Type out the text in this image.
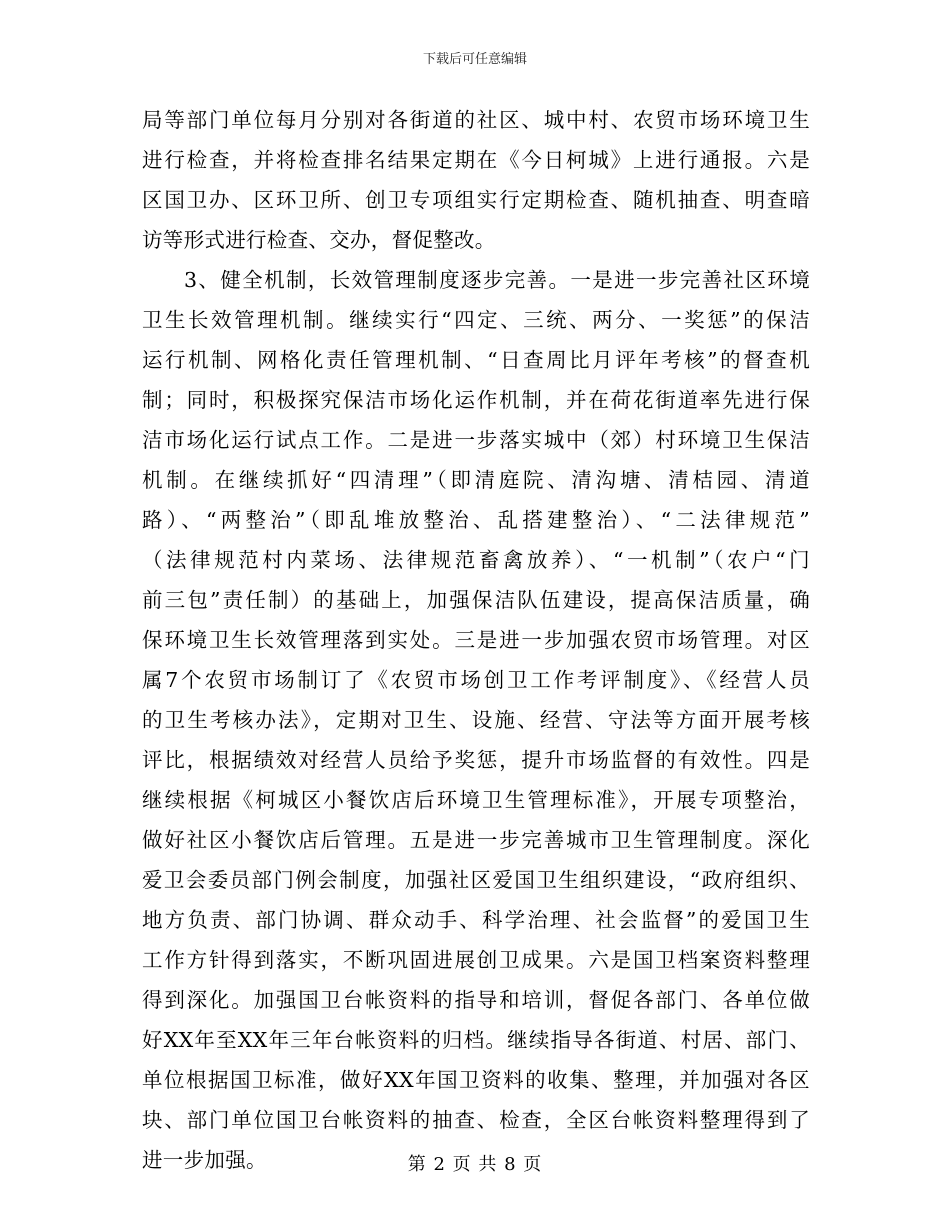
下载后可任意编辑
局等部门单位每月分别对各街道的社区、城中村、农贸市场环境卫生
进行检查，并将检查排名结果定期在《今日柯城》上进行通报。六是
区国卫办、区环卫所、创卫专项组实行定期检查、随机抽查、明查暗
访等形式进行检查、交办，督促整改。
3、健全机制，长效管理制度逐步完善。一是进一步完善社区环境
卫生长效管理机制。继续实行“四定、三统、两分、一奖惩”的保洁
运行机制、网格化责任管理机制、“日查周比月评年考核”的督查机
制；同时，积极探究保洁市场化运作机制，并在荷花街道率先进行保
洁市场化运行试点工作。二是进一步落实城中（郊）村环境卫生保洁
机制。在继续抓好“四清理”（即清庭院、清沟塘、清桔园、清道
路）、“两整治”（即乱堆放整治、乱搭建整治）、“二法律规范”
（法律规范村内菜场、法律规范畜禽放养）、“一机制”（农户“门
前三包”责任制）的基础上，加强保洁队伍建设，提高保洁质量，确
保环境卫生长效管理落到实处。三是进一步加强农贸市场管理。对区
属7个农贸市场制订了《农贸市场创卫工作考评制度》、《经营人员
的卫生考核办法》，定期对卫生、设施、经营、守法等方面开展考核
评比，根据绩效对经营人员给予奖惩，提升市场监督的有效性。四是
继续根据《柯城区小餐饮店后环境卫生管理标准》，开展专项整治，
做好社区小餐饮店后管理。五是进一步完善城市卫生管理制度。深化
爱卫会委员部门例会制度，加强社区爱国卫生组织建设，“政府组织、
地方负责、部门协调、群众动手、科学治理、社会监督”的爱国卫生
工作方针得到落实，不断巩固进展创卫成果。六是国卫档案资料整理
得到深化。加强国卫台帐资料的指导和培训，督促各部门、各单位做
好XX年至XX年三年台帐资料的归档。继续指导各街道、村居、部门、
单位根据国卫标准，做好XX年国卫资料的收集、整理，并加强对各区
块、部门单位国卫台帐资料的抽查、检查，全区台帐资料整理得到了
进一步加强。	第 2 页 共 8 页
